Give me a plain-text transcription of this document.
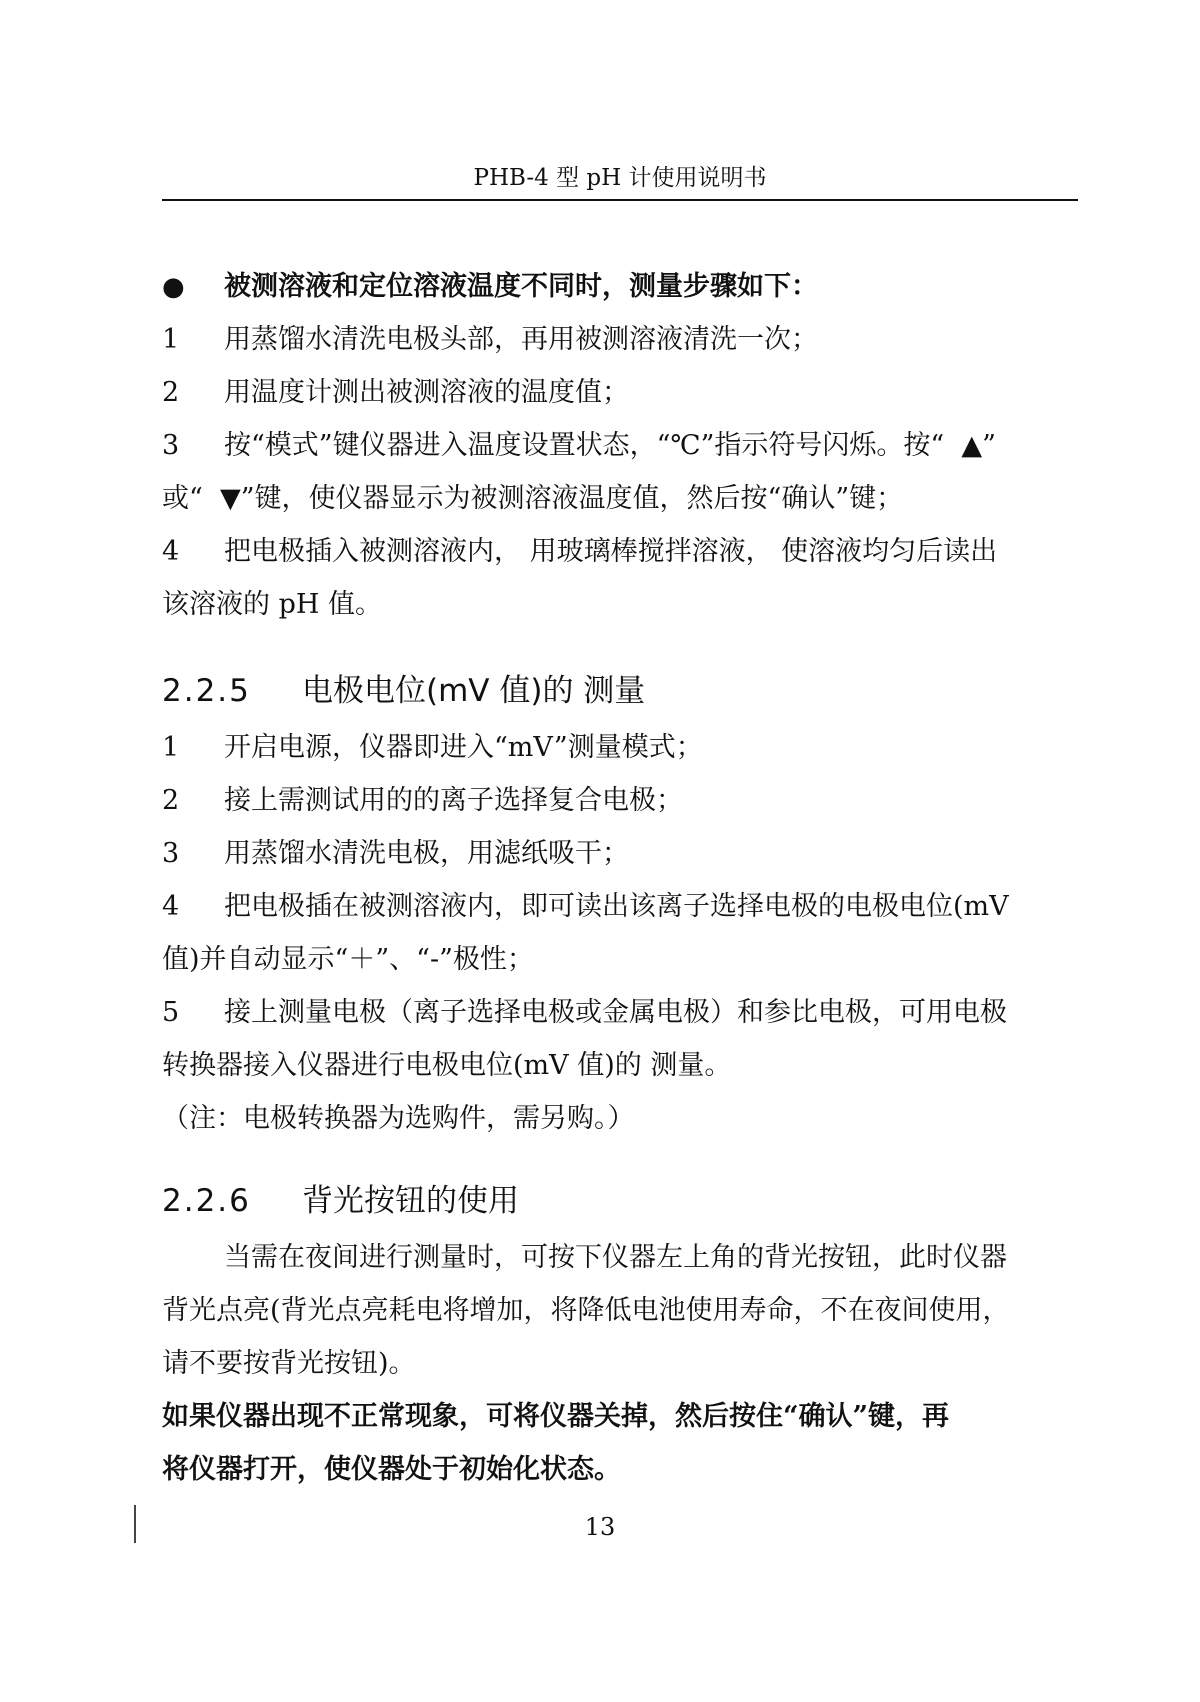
PHB-4 型 pH 计使用说明书
● 被测溶液和定位溶液温度不同时，测量步骤如下：
1 用蒸馏水清洗电极头部，再用被测溶液清洗一次；
2 用温度计测出被测溶液的温度值；
3 按“模式”键仪器进入温度设置状态，“℃”指示符号闪烁。按“  ▲”
或“  ▼”键，使仪器显示为被测溶液温度值，然后按“确认”键；
4 把电极插入被测溶液内， 用玻璃棒搅拌溶液， 使溶液均匀后读出
该溶液的 pH 值。
2.2.5 电极电位(mV 值)的 测量
1 开启电源，仪器即进入“mV”测量模式；
2 接上需测试用的的离子选择复合电极；
3 用蒸馏水清洗电极，用滤纸吸干；
4 把电极插在被测溶液内，即可读出该离子选择电极的电极电位(mV
值)并自动显示“＋”、“-”极性；
5 接上测量电极（离子选择电极或金属电极）和参比电极，可用电极
转换器接入仪器进行电极电位(mV 值)的 测量。
（注：电极转换器为选购件，需另购。）
2.2.6 背光按钮的使用
当需在夜间进行测量时，可按下仪器左上角的背光按钮，此时仪器
背光点亮(背光点亮耗电将增加，将降低电池使用寿命，不在夜间使用，
请不要按背光按钮)。
如果仪器出现不正常现象，可将仪器关掉，然后按住“确认”键，再
将仪器打开，使仪器处于初始化状态。
13
